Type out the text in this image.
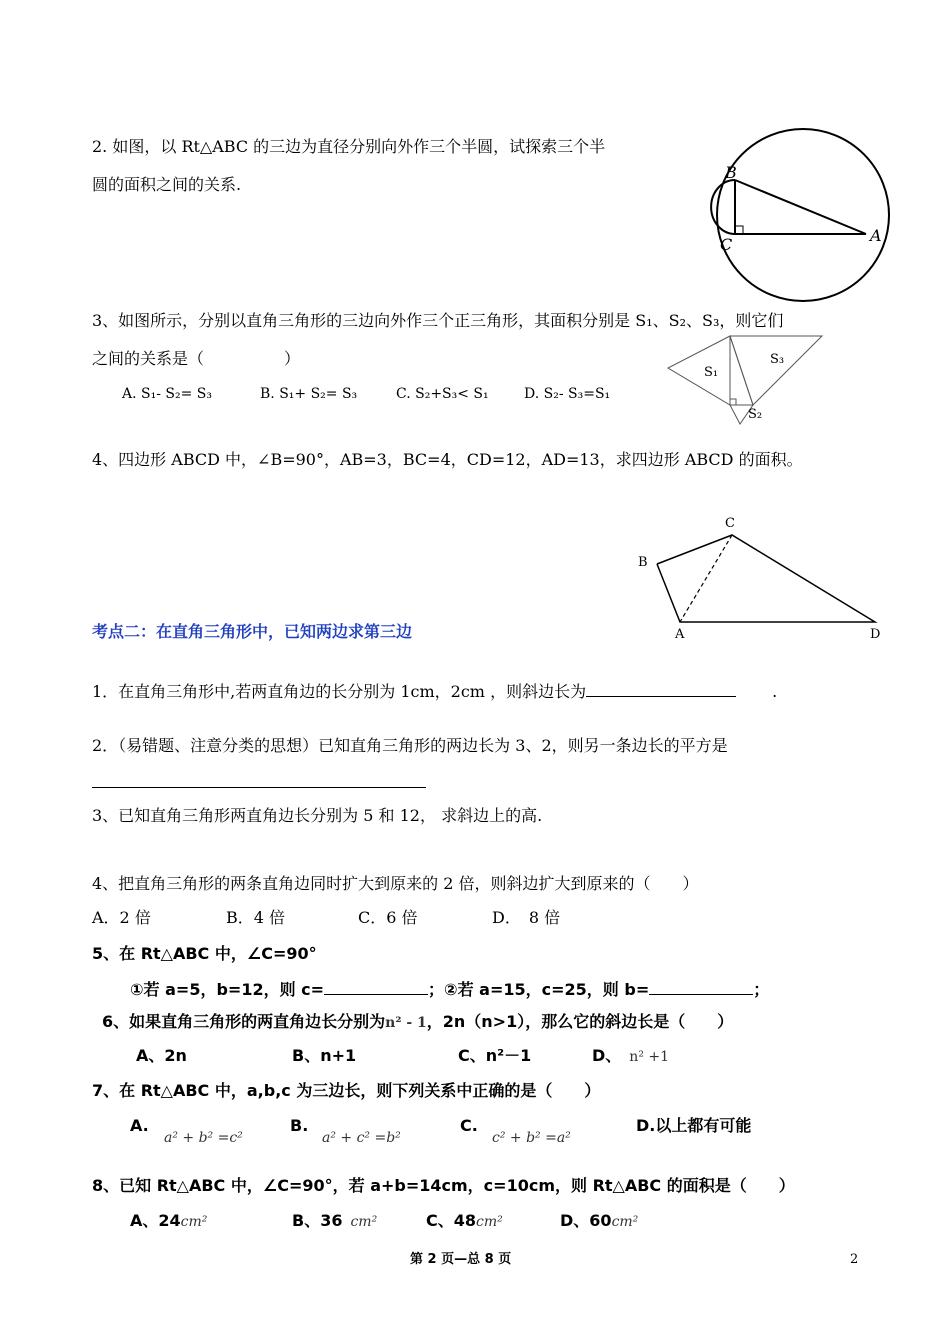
2. 如图，以 Rt△ABC 的三边为直径分别向外作三个半圆，试探索三个半
圆的面积之间的关系.
B
C	A
3、如图所示，分别以直角三角形的三边向外作三个正三角形，其面积分别是 S₁、S₂、S₃，则它们
之间的关系是（　　　　　）
A. S₁- S₂= S₃	B. S₁+ S₂= S₃	C. S₂+S₃< S₁	D. S₂- S₃=S₁
S₁
S₃
S₂
4、四边形 ABCD 中，∠B=90°，AB=3，BC=4，CD=12，AD=13，求四边形 ABCD 的面积。
B
C
A	D
考点二：在直角三角形中，已知两边求第三边
1．在直角三角形中,若两直角边的长分别为 1cm，2cm ，则斜边长为	.
2．（易错题、注意分类的思想）已知直角三角形的两边长为 3、2，则另一条边长的平方是
3、已知直角三角形两直角边长分别为 5 和 12， 求斜边上的高.
4、把直角三角形的两条直角边同时扩大到原来的 2 倍，则斜边扩大到原来的（　　）
A．2 倍	B．4 倍	C．6 倍	D．　8 倍
5、在 Rt△ABC 中，∠C=90°
①若 a=5，b=12，则 c=	；②若 a=15，c=25，则 b=	；
6、如果直角三角形的两直角边长分别为n² - 1，2n（n>1），那么它的斜边长是（　　）
A、2n	B、n+1	C、n²－1	D、 n² +1
7、在 Rt△ABC 中，a,b,c 为三边长，则下列关系中正确的是（　　）
A.
a² + b² =c²
B.
a² + c² =b²
C.
c² + b² =a²
D.以上都有可能
8、已知 Rt△ABC 中，∠C=90°，若 a+b=14cm，c=10cm，则 Rt△ABC 的面积是（　　）
A、24cm²	B、36 cm²	C、48cm²	D、60cm²
第 2 页—总 8 页	2
